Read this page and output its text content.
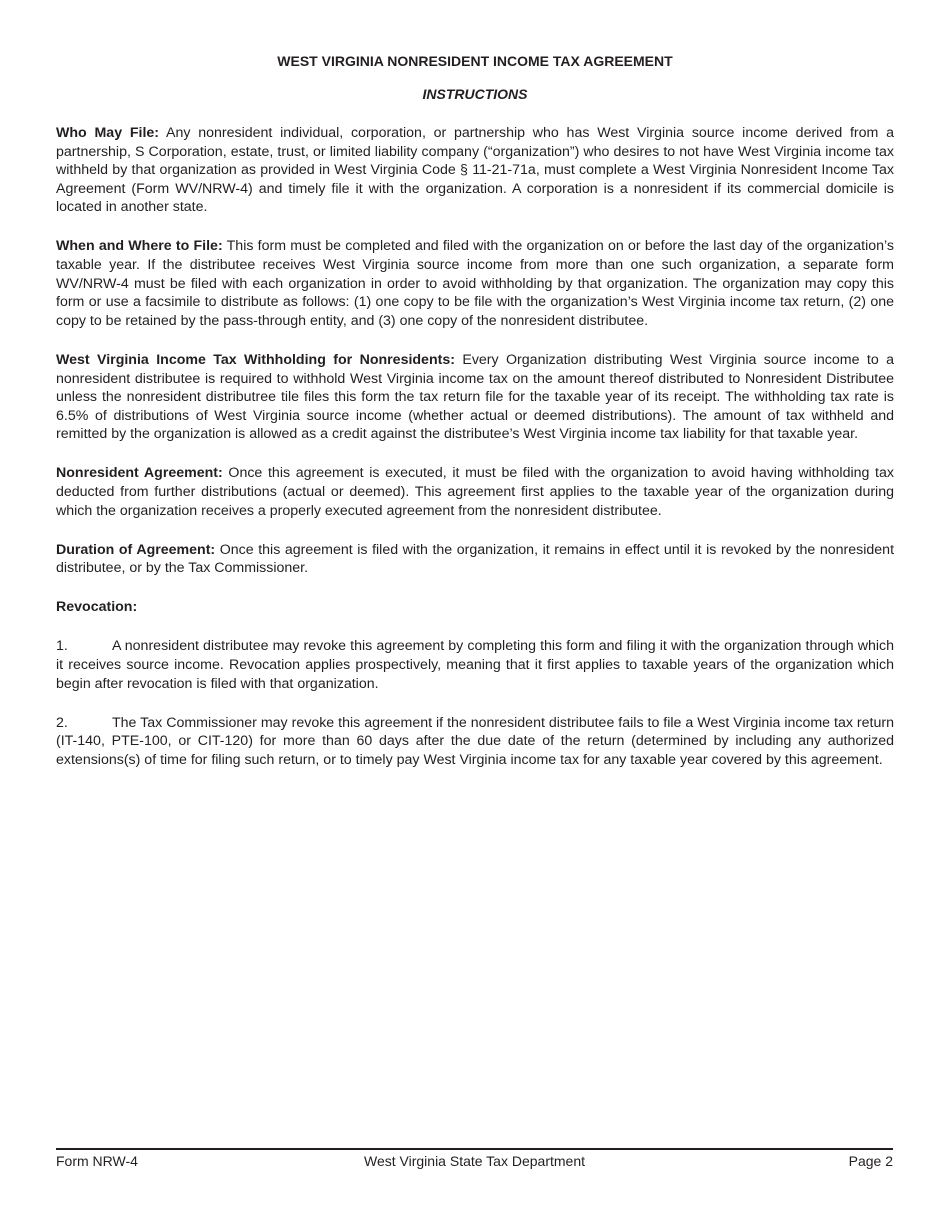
WEST VIRGINIA NONRESIDENT INCOME TAX AGREEMENT
INSTRUCTIONS

Who May File: Any nonresident individual, corporation, or partnership who has West Virginia source income derived from a partnership, S Corporation, estate, trust, or limited liability company (“organization”) who desires to not have West Virginia income tax withheld by that organization as provided in West Virginia Code § 11-21-71a, must complete a West Virginia Nonresident Income Tax Agreement (Form WV/NRW-4) and timely file it with the organization. A corporation is a nonresident if its commercial domicile is located in another state.

When and Where to File: This form must be completed and filed with the organization on or before the last day of the organization’s taxable year. If the distributee receives West Virginia source income from more than one such organization, a separate form WV/NRW-4 must be filed with each organization in order to avoid withholding by that organization. The organization may copy this form or use a facsimile to distribute as follows: (1) one copy to be file with the organization’s West Virginia income tax return, (2) one copy to be retained by the pass-through entity, and (3) one copy of the nonresident distributee.

West Virginia Income Tax Withholding for Nonresidents: Every Organization distributing West Virginia source income to a nonresident distributee is required to withhold West Virginia income tax on the amount thereof distributed to Nonresident Distributee unless the nonresident distributree tile files this form the tax return file for the taxable year of its receipt. The withholding tax rate is 6.5% of distributions of West Virginia source income (whether actual or deemed distributions). The amount of tax withheld and remitted by the organization is allowed as a credit against the distributee’s West Virginia income tax liability for that taxable year.

Nonresident Agreement: Once this agreement is executed, it must be filed with the organization to avoid having withholding tax deducted from further distributions (actual or deemed). This agreement first applies to the taxable year of the organization during which the organization receives a properly executed agreement from the nonresident distributee.

Duration of Agreement: Once this agreement is filed with the organization, it remains in effect until it is revoked by the nonresident distributee, or by the Tax Commissioner.

Revocation:

1.	A nonresident distributee may revoke this agreement by completing this form and filing it with the organization through which it receives source income. Revocation applies prospectively, meaning that it first applies to taxable years of the organization which begin after revocation is filed with that organization.

2.	The Tax Commissioner may revoke this agreement if the nonresident distributee fails to file a West Virginia income tax return (IT-140, PTE-100, or CIT-120) for more than 60 days after the due date of the return (determined by including any authorized extensions(s) of time for filing such return, or to timely pay West Virginia income tax for any taxable year covered by this agreement.

Form NRW-4	West Virginia State Tax Department	Page 2
